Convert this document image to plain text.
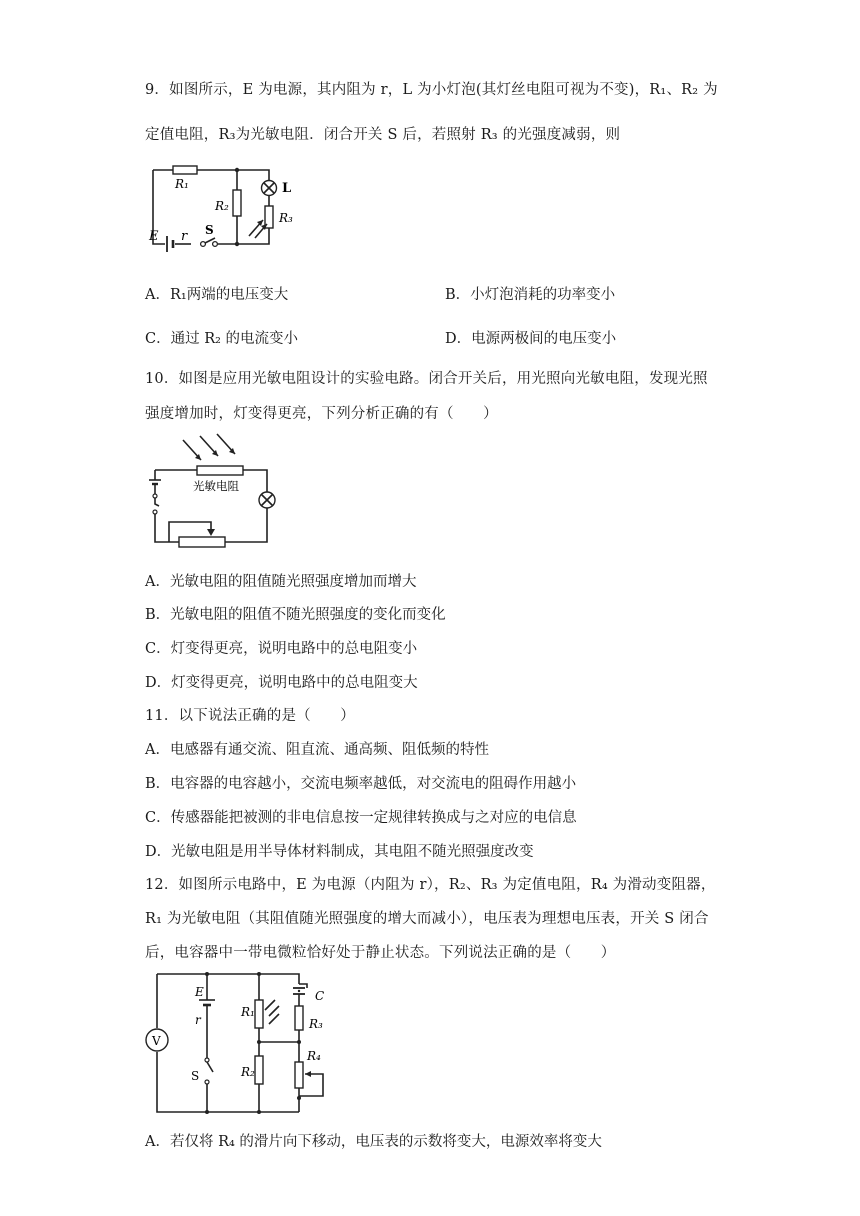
9．如图所示，E 为电源，其内阻为 r，L 为小灯泡(其灯丝电阻可视为不变)，R₁、R₂ 为
定值电阻，R₃为光敏电阻．闭合开关 S 后，若照射 R₃ 的光强度减弱，则
R₁
R₂
R₃
L
E r S
A．R₁两端的电压变大	B．小灯泡消耗的功率变小
C．通过 R₂ 的电流变小	D．电源两极间的电压变小
10．如图是应用光敏电阻设计的实验电路。闭合开关后，用光照向光敏电阻，发现光照
强度增加时，灯变得更亮，下列分析正确的有（　　）
光敏电阻
A．光敏电阻的阻值随光照强度增加而增大
B．光敏电阻的阻值不随光照强度的变化而变化
C．灯变得更亮，说明电路中的总电阻变小
D．灯变得更亮，说明电路中的总电阻变大
11．以下说法正确的是（　　）
A．电感器有通交流、阻直流、通高频、阻低频的特性
B．电容器的电容越小，交流电频率越低，对交流电的阻碍作用越小
C．传感器能把被测的非电信息按一定规律转换成与之对应的电信息
D．光敏电阻是用半导体材料制成，其电阻不随光照强度改变
12．如图所示电路中，E 为电源（内阻为 r），R₂、R₃ 为定值电阻，R₄ 为滑动变阻器，
R₁ 为光敏电阻（其阻值随光照强度的增大而减小），电压表为理想电压表，开关 S 闭合
后，电容器中一带电微粒恰好处于静止状态。下列说法正确的是（　　）
V
E
r
S
R₁
R₂
C
R₃
R₄
A．若仅将 R₄ 的滑片向下移动，电压表的示数将变大，电源效率将变大
